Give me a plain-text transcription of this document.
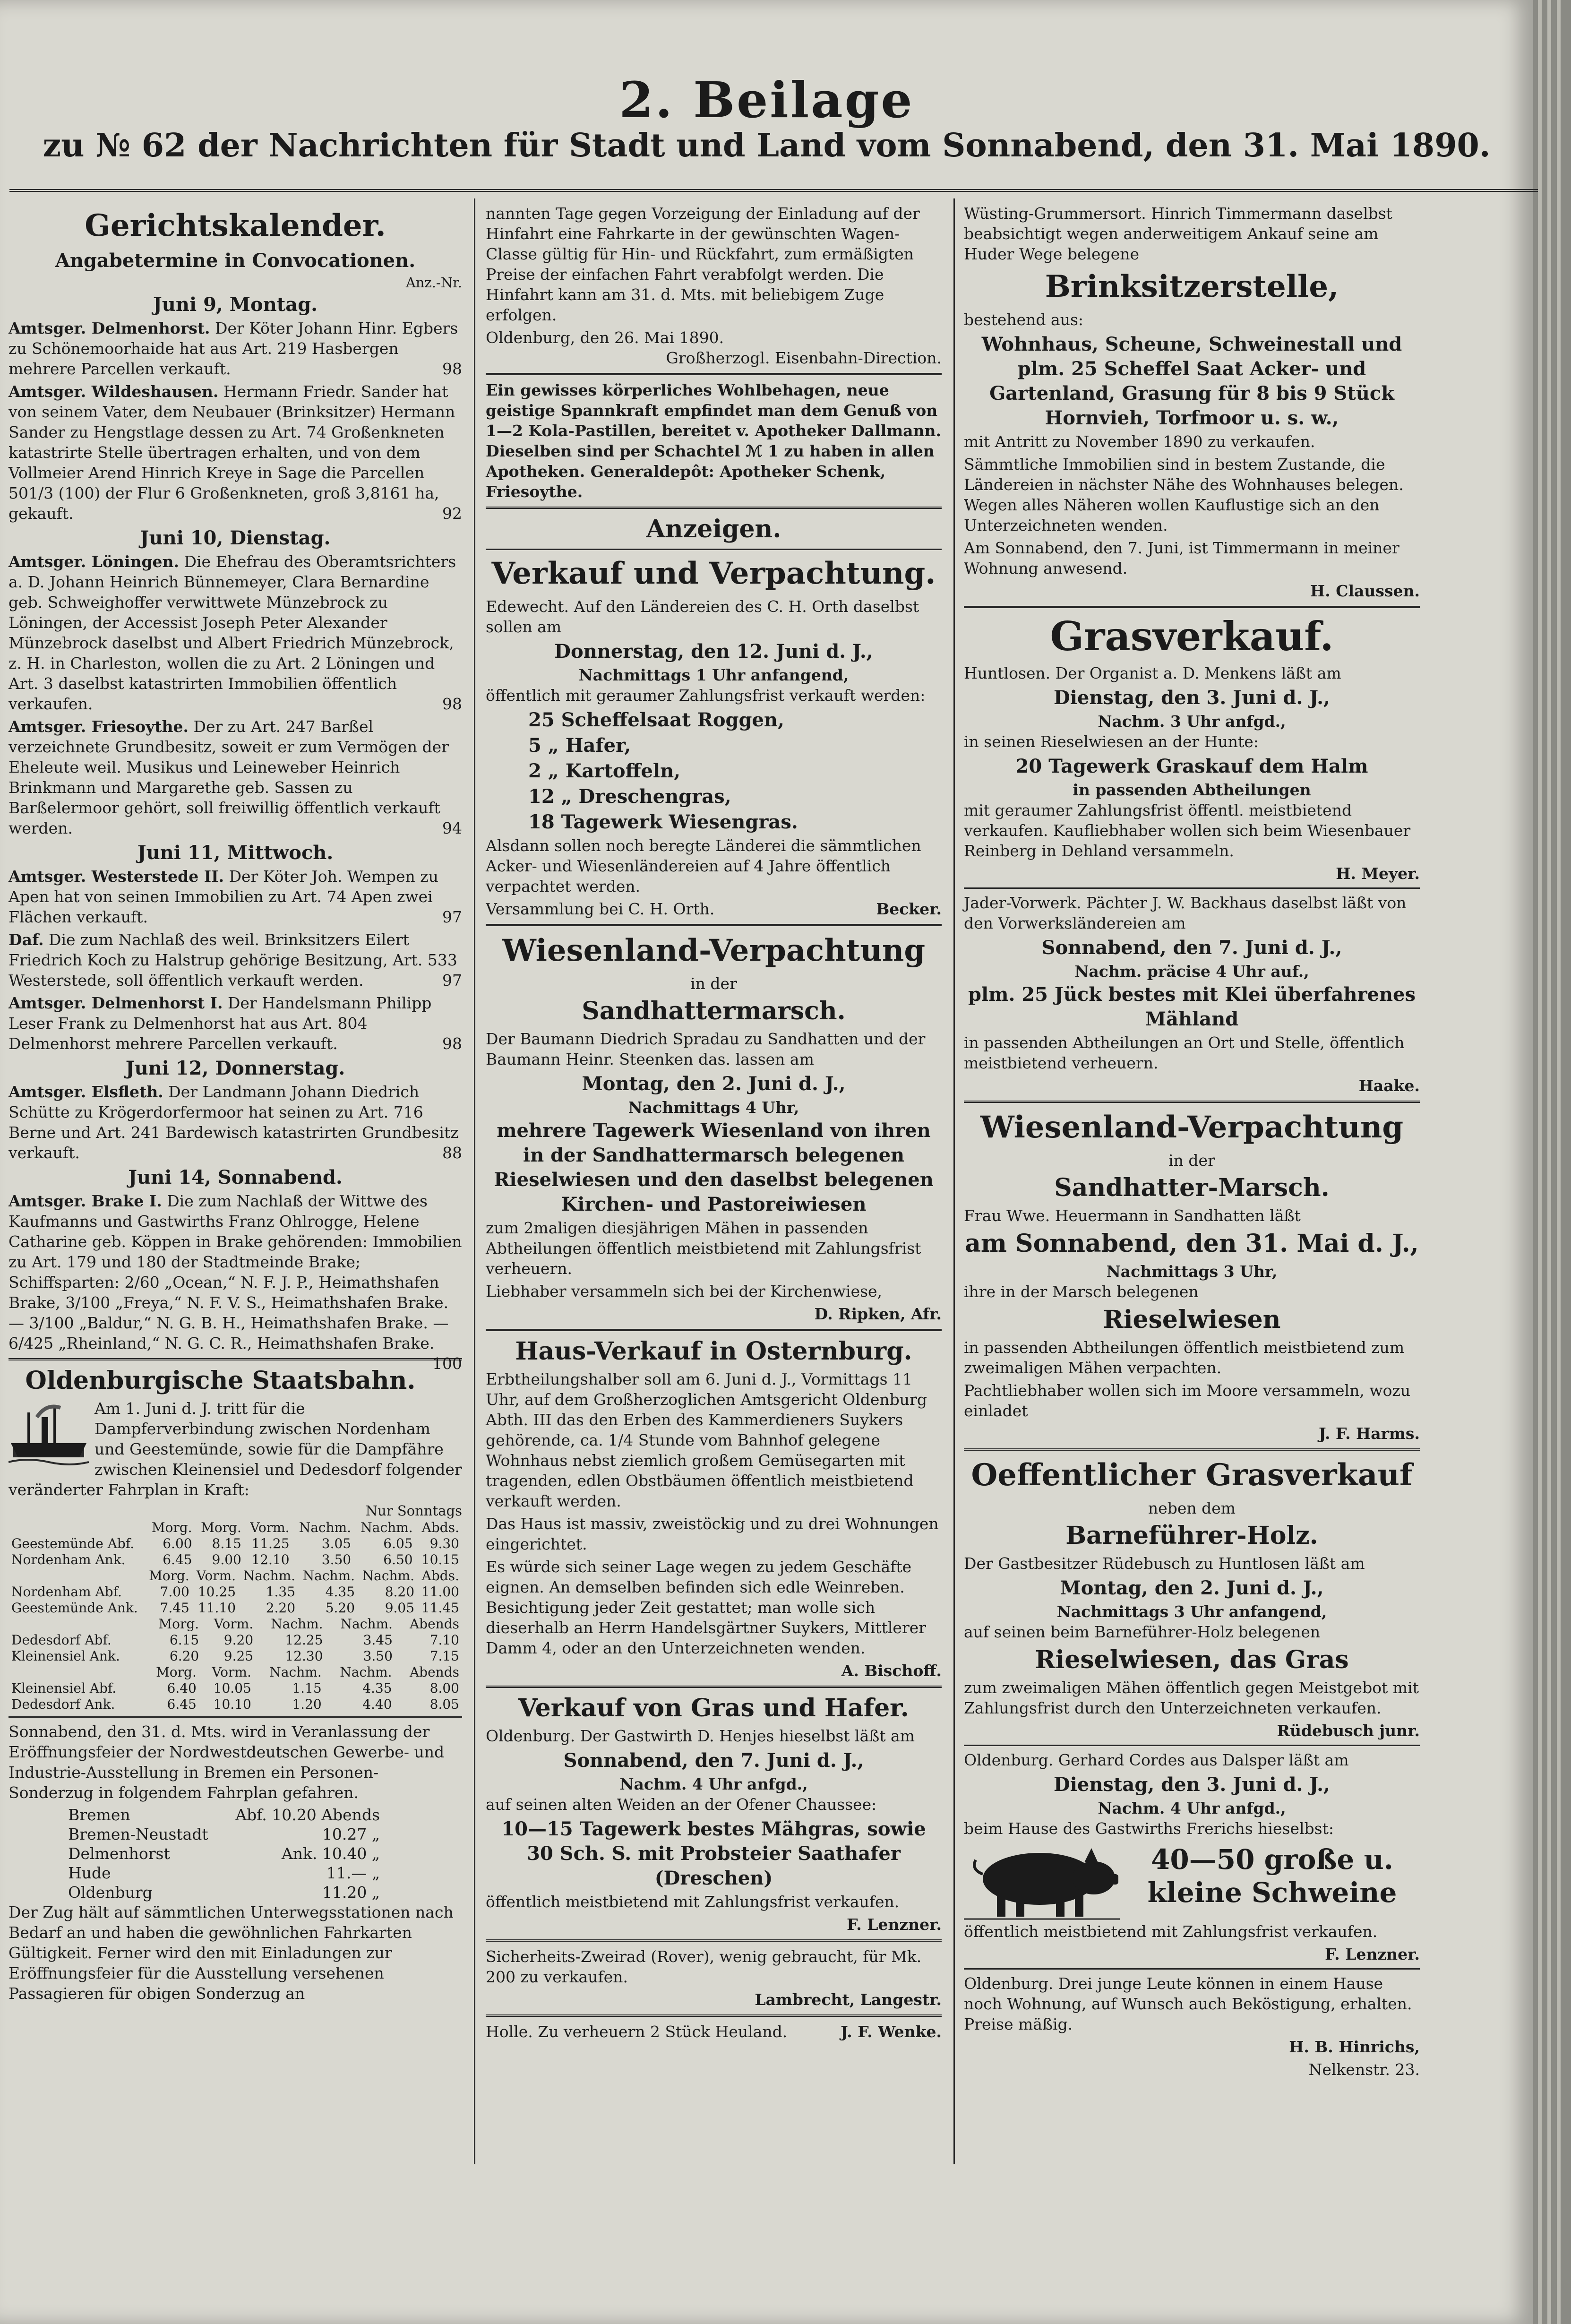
2. Beilage
zu № 62 der Nachrichten für Stadt und Land vom Sonnabend, den 31. Mai 1890.
Gerichtskalender.
Angabetermine in Convocationen.
Anz.-Nr.
Juni 9, Montag.

Amtsger. Delmenhorst. Der Köter Johann Hinr. Egbers zu Schönemoorhaide hat aus Art. 219 Hasbergen mehrere Parcellen verkauft.	98

Amtsger. Wildeshausen. Hermann Friedr. Sander hat von seinem Vater, dem Neubauer (Brinksitzer) Hermann Sander zu Hengstlage dessen zu Art. 74 Großenkneten katastrirte Stelle übertragen erhalten, und von dem Vollmeier Arend Hinrich Kreye in Sage die Parcellen 501/3 (100) der Flur 6 Großenkneten, groß 3,8161 ha, gekauft.	92

Juni 10, Dienstag.

Amtsger. Löningen. Die Ehefrau des Oberamtsrichters a. D. Johann Heinrich Bünnemeyer, Clara Bernardine geb. Schweighoffer verwittwete Münzebrock zu Löningen, der Accessist Joseph Peter Alexander Münzebrock daselbst und Albert Friedrich Münzebrock, z. H. in Charleston, wollen die zu Art. 2 Löningen und Art. 3 daselbst katastrirten Immobilien öffentlich verkaufen.	98

Amtsger. Friesoythe. Der zu Art. 247 Barßel verzeichnete Grundbesitz, soweit er zum Vermögen der Eheleute weil. Musikus und Leineweber Heinrich Brinkmann und Margarethe geb. Sassen zu Barßelermoor gehört, soll freiwillig öffentlich verkauft werden.	94

Juni 11, Mittwoch.

Amtsger. Westerstede II. Der Köter Joh. Wempen zu Apen hat von seinen Immobilien zu Art. 74 Apen zwei Flächen verkauft.	97

Daf. Die zum Nachlaß des weil. Brinksitzers Eilert Friedrich Koch zu Halstrup gehörige Besitzung, Art. 533 Westerstede, soll öffentlich verkauft werden.	97

Amtsger. Delmenhorst I. Der Handelsmann Philipp Leser Frank zu Delmenhorst hat aus Art. 804 Delmenhorst mehrere Parcellen verkauft.	98

Juni 12, Donnerstag.

Amtsger. Elsfleth. Der Landmann Johann Diedrich Schütte zu Krögerdorfermoor hat seinen zu Art. 716 Berne und Art. 241 Bardewisch katastrirten Grundbesitz verkauft.	88

Juni 14, Sonnabend.

Amtsger. Brake I. Die zum Nachlaß der Wittwe des Kaufmanns und Gastwirths Franz Ohlrogge, Helene Catharine geb. Köppen in Brake gehörenden: Immobilien zu Art. 179 und 180 der Stadtmeinde Brake; Schiffsparten: 2/60 „Ocean,“ N. F. J. P., Heimathshafen Brake, 3/100 „Freya,“ N. F. V. S., Heimathshafen Brake. — 3/100 „Baldur,“ N. G. B. H., Heimathshafen Brake. — 6/425 „Rheinland,“ N. G. C. R., Heimathshafen Brake.
100

Oldenburgische Staatsbahn.

Am 1. Juni d. J. tritt für die Dampferverbindung zwischen Nordenham und Geestemünde, sowie für die Dampfähre zwischen Kleinensiel und Dedesdorf folgender veränderter Fahrplan in Kraft:

Nur Sonntags
	Morg.	Morg.	Vorm.	Nachm.	Nachm.	Abds.
Geestemünde Abf.	6.00	8.15	11.25	3.05	6.05	9.30
Nordenham Ank.	6.45	9.00	12.10	3.50	6.50	10.15
	Morg.	Vorm.	Nachm.	Nachm.	Nachm.	Abds.
Nordenham Abf.	7.00	10.25	1.35	4.35	8.20	11.00
Geestemünde Ank.	7.45	11.10	2.20	5.20	9.05	11.45
	Morg.	Vorm.	Nachm.	Nachm.	Abends
Dedesdorf Abf.	6.15	9.20	12.25	3.45	7.10
Kleinensiel Ank.	6.20	9.25	12.30	3.50	7.15
	Morg.	Vorm.	Nachm.	Nachm.	Abends
Kleinensiel Abf.	6.40	10.05	1.15	4.35	8.00
Dedesdorf Ank.	6.45	10.10	1.20	4.40	8.05

Sonnabend, den 31. d. Mts. wird in Veranlassung der Eröffnungsfeier der Nordwestdeutschen Gewerbe- und Industrie-Ausstellung in Bremen ein Personen-Sonderzug in folgendem Fahrplan gefahren.

Bremen	Abf. 10.20 Abends
Bremen-Neustadt	10.27 „
Delmenhorst	Ank. 10.40 „
Hude	11.— „
Oldenburg	11.20 „

Der Zug hält auf sämmtlichen Unterwegsstationen nach Bedarf an und haben die gewöhnlichen Fahrkarten Gültigkeit. Ferner wird den mit Einladungen zur Eröffnungsfeier für die Ausstellung versehenen Passagieren für obigen Sonderzug an

nannten Tage gegen Vorzeigung der Einladung auf der Hinfahrt eine Fahrkarte in der gewünschten Wagen-Classe gültig für Hin- und Rückfahrt, zum ermäßigten Preise der einfachen Fahrt verabfolgt werden. Die Hinfahrt kann am 31. d. Mts. mit beliebigem Zuge erfolgen.

Oldenburg, den 26. Mai 1890.
Großherzogl. Eisenbahn-Direction.

Ein gewisses körperliches Wohlbehagen, neue geistige Spannkraft empfindet man dem Genuß von 1—2 Kola-Pastillen, bereitet v. Apotheker Dallmann. Dieselben sind per Schachtel ℳ 1 zu haben in allen Apotheken. Generaldepôt: Apotheker Schenk, Friesoythe.

Anzeigen.
Verkauf und Verpachtung.

Edewecht. Auf den Ländereien des C. H. Orth daselbst sollen am

Donnerstag, den 12. Juni d. J.,
Nachmittags 1 Uhr anfangend,

öffentlich mit geraumer Zahlungsfrist verkauft werden:

25 Scheffelsaat Roggen,
5 „ Hafer,
2 „ Kartoffeln,
12 „ Dreschengras,
18 Tagewerk Wiesengras.

Alsdann sollen noch beregte Länderei die sämmtlichen Acker- und Wiesenländereien auf 4 Jahre öffentlich verpachtet werden.

Versammlung bei C. H. Orth.	Becker.

Wiesenland-Verpachtung
in der
Sandhattermarsch.

Der Baumann Diedrich Spradau zu Sandhatten und der Baumann Heinr. Steenken das. lassen am

Montag, den 2. Juni d. J.,
Nachmittags 4 Uhr,
mehrere Tagewerk Wiesenland von ihren in der Sandhattermarsch belegenen Rieselwiesen und den daselbst belegenen Kirchen- und Pastoreiwiesen

zum 2maligen diesjährigen Mähen in passenden Abtheilungen öffentlich meistbietend mit Zahlungsfrist verheuern.

Liebhaber versammeln sich bei der Kirchenwiese,

D. Ripken, Afr.

Haus-Verkauf in Osternburg.

Erbtheilungshalber soll am 6. Juni d. J., Vormittags 11 Uhr, auf dem Großherzoglichen Amtsgericht Oldenburg Abth. III das den Erben des Kammerdieners Suykers gehörende, ca. 1/4 Stunde vom Bahnhof gelegene Wohnhaus nebst ziemlich großem Gemüsegarten mit tragenden, edlen Obstbäumen öffentlich meistbietend verkauft werden.

Das Haus ist massiv, zweistöckig und zu drei Wohnungen eingerichtet.

Es würde sich seiner Lage wegen zu jedem Geschäfte eignen. An demselben befinden sich edle Weinreben. Besichtigung jeder Zeit gestattet; man wolle sich dieserhalb an Herrn Handelsgärtner Suykers, Mittlerer Damm 4, oder an den Unterzeichneten wenden.

A. Bischoff.

Verkauf von Gras und Hafer.

Oldenburg. Der Gastwirth D. Henjes hieselbst läßt am

Sonnabend, den 7. Juni d. J.,
Nachm. 4 Uhr anfgd.,

auf seinen alten Weiden an der Ofener Chaussee:

10—15 Tagewerk bestes Mähgras, sowie 30 Sch. S. mit Probsteier Saathafer (Dreschen)

öffentlich meistbietend mit Zahlungsfrist verkaufen.

F. Lenzner.

Sicherheits-Zweirad (Rover), wenig gebraucht, für Mk. 200 zu verkaufen.

Lambrecht, Langestr.

Holle. Zu verheuern 2 Stück Heuland.	J. F. Wenke.

Wüsting-Grummersort. Hinrich Timmermann daselbst beabsichtigt wegen anderweitigem Ankauf seine am Huder Wege belegene

Brinksitzerstelle,

bestehend aus:

Wohnhaus, Scheune, Schweinestall und plm. 25 Scheffel Saat Acker- und Gartenland, Grasung für 8 bis 9 Stück Hornvieh, Torfmoor u. s. w.,

mit Antritt zu November 1890 zu verkaufen.

Sämmtliche Immobilien sind in bestem Zustande, die Ländereien in nächster Nähe des Wohnhauses belegen. Wegen alles Näheren wollen Kauflustige sich an den Unterzeichneten wenden.

Am Sonnabend, den 7. Juni, ist Timmermann in meiner Wohnung anwesend.

H. Claussen.

Grasverkauf.

Huntlosen. Der Organist a. D. Menkens läßt am

Dienstag, den 3. Juni d. J.,
Nachm. 3 Uhr anfgd.,

in seinen Rieselwiesen an der Hunte:

20 Tagewerk Graskauf dem Halm
in passenden Abtheilungen

mit geraumer Zahlungsfrist öffentl. meistbietend verkaufen. Kaufliebhaber wollen sich beim Wiesenbauer Reinberg in Dehland versammeln.

H. Meyer.

Jader-Vorwerk. Pächter J. W. Backhaus daselbst läßt von den Vorwerksländereien am

Sonnabend, den 7. Juni d. J.,
Nachm. präcise 4 Uhr auf.,
plm. 25 Jück bestes mit Klei überfahrenes Mähland

in passenden Abtheilungen an Ort und Stelle, öffentlich meistbietend verheuern.

Haake.

Wiesenland-Verpachtung
in der
Sandhatter-Marsch.

Frau Wwe. Heuermann in Sandhatten läßt

am Sonnabend, den 31. Mai d. J.,
Nachmittags 3 Uhr,

ihre in der Marsch belegenen

Rieselwiesen

in passenden Abtheilungen öffentlich meistbietend zum zweimaligen Mähen verpachten.

Pachtliebhaber wollen sich im Moore versammeln, wozu einladet

J. F. Harms.

Oeffentlicher Grasverkauf
neben dem
Barneführer-Holz.

Der Gastbesitzer Rüdebusch zu Huntlosen läßt am

Montag, den 2. Juni d. J.,
Nachmittags 3 Uhr anfangend,

auf seinen beim Barneführer-Holz belegenen

Rieselwiesen, das Gras

zum zweimaligen Mähen öffentlich gegen Meistgebot mit Zahlungsfrist durch den Unterzeichneten verkaufen.

Rüdebusch junr.

Oldenburg. Gerhard Cordes aus Dalsper läßt am

Dienstag, den 3. Juni d. J.,
Nachm. 4 Uhr anfgd.,

beim Hause des Gastwirths Frerichs hieselbst:

40—50 große u. kleine Schweine

öffentlich meistbietend mit Zahlungsfrist verkaufen.

F. Lenzner.

Oldenburg. Drei junge Leute können in einem Hause noch Wohnung, auf Wunsch auch Beköstigung, erhalten. Preise mäßig.

H. B. Hinrichs,

Nelkenstr. 23.
